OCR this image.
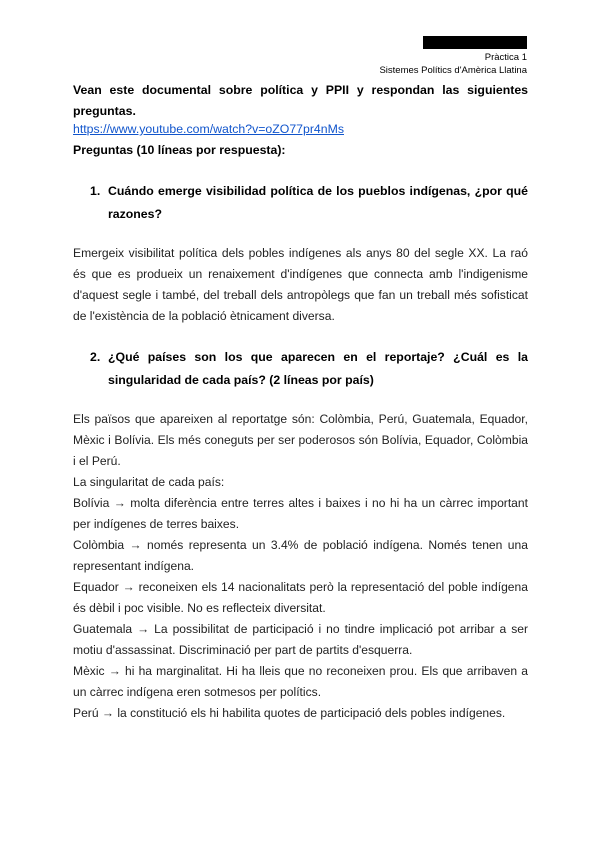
Pràctica 1
Sistemes Polítics d'Amèrica Llatina
Vean este documental sobre política y PPII y respondan las siguientes preguntas.
https://www.youtube.com/watch?v=oZO77pr4nMs
Preguntas (10 líneas por respuesta):
1. Cuándo emerge visibilidad política de los pueblos indígenas, ¿por qué razones?
Emergeix visibilitat política dels pobles indígenes als anys 80 del segle XX. La raó és que es produeix un renaixement d'indígenes que connecta amb l'indigenisme d'aquest segle i també, del treball dels antropòlegs que fan un treball més sofisticat de l'existència de la població ètnicament diversa.
2. ¿Qué países son los que aparecen en el reportaje? ¿Cuál es la singularidad de cada país? (2 líneas por país)
Els països que apareixen al reportatge són: Colòmbia, Perú, Guatemala, Equador, Mèxic i Bolívia. Els més coneguts per ser poderosos són Bolívia, Equador, Colòmbia i el Perú.
La singularitat de cada país:
Bolívia → molta diferència entre terres altes i baixes i no hi ha un càrrec important per indígenes de terres baixes.
Colòmbia → només representa un 3.4% de població indígena. Només tenen una representant indígena.
Equador → reconeixen els 14 nacionalitats però la representació del poble indígena és dèbil i poc visible. No es reflecteix diversitat.
Guatemala → La possibilitat de participació i no tindre implicació pot arribar a ser motiu d'assassinat. Discriminació per part de partits d'esquerra.
Mèxic → hi ha marginalitat. Hi ha lleis que no reconeixen prou. Els que arribaven a un càrrec indígena eren sotmesos per polítics.
Perú → la constitució els hi habilita quotes de participació dels pobles indígenes.
